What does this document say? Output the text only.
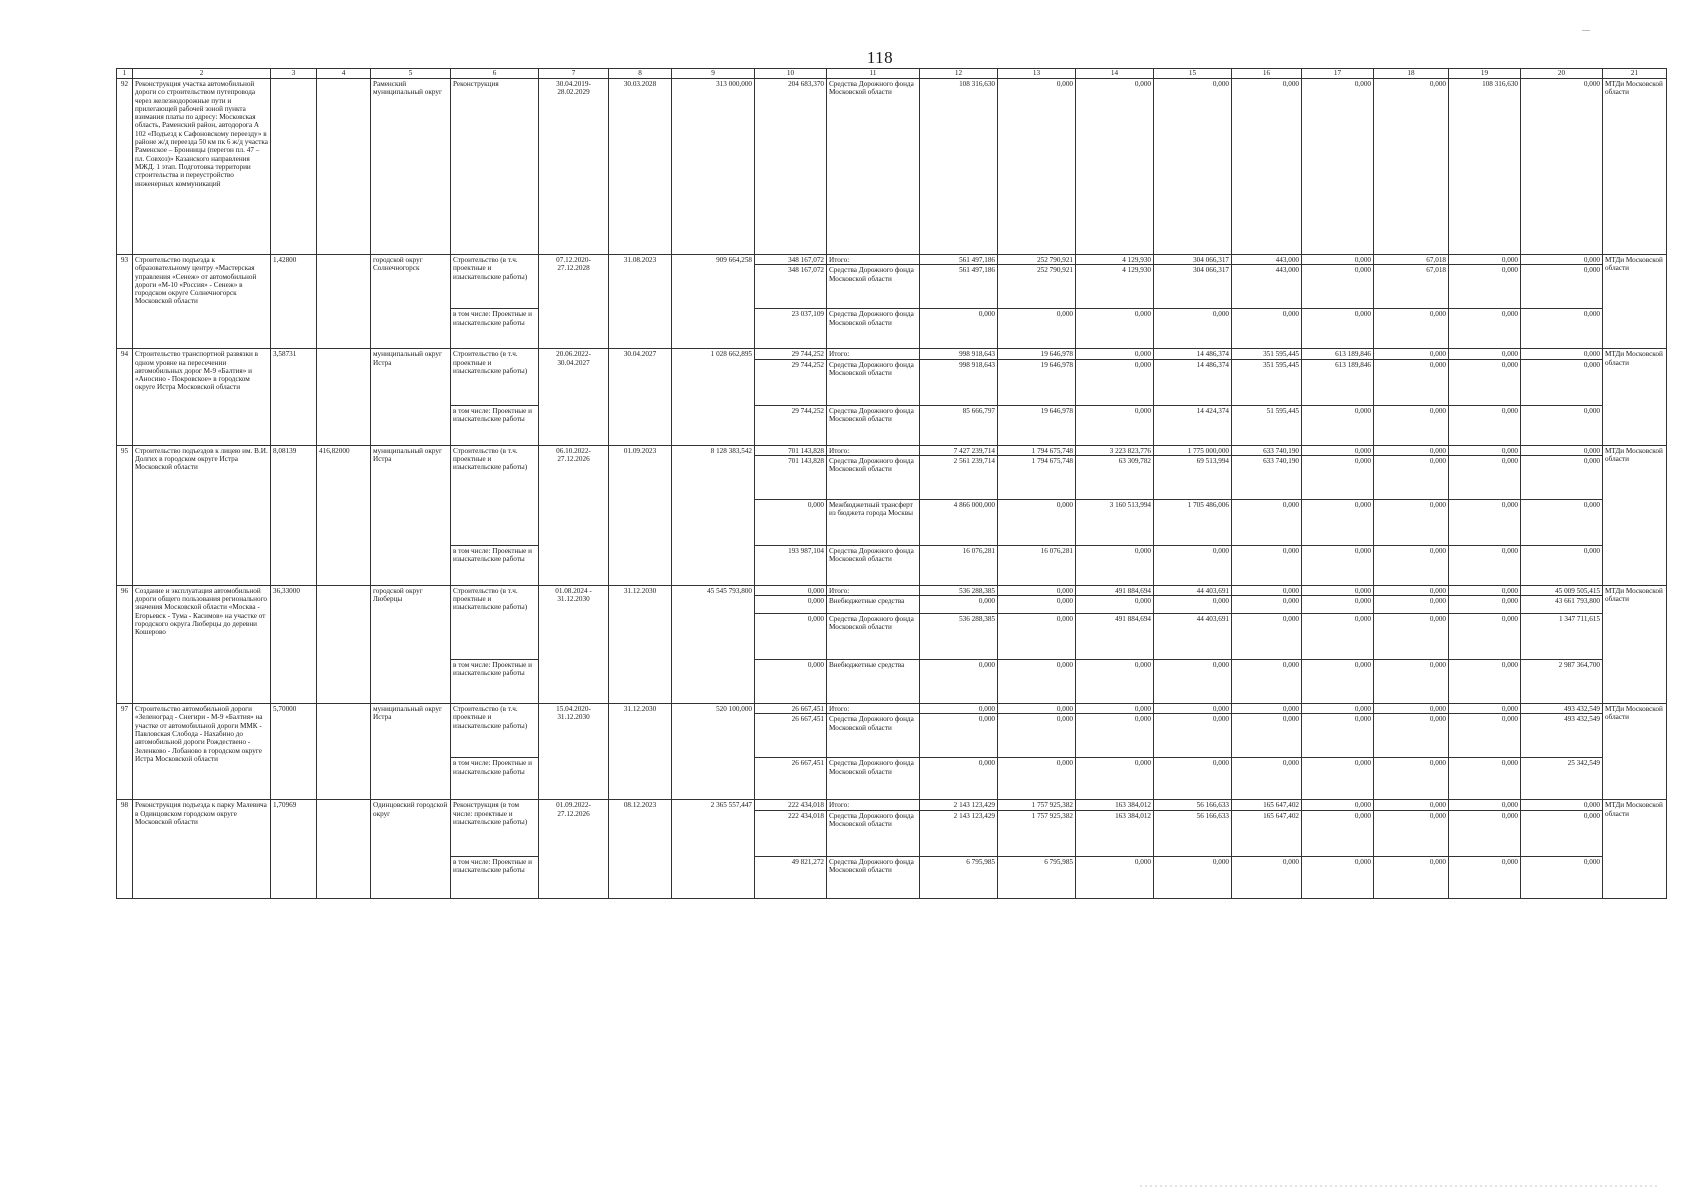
118
1	2	3	4	5	6	7	8	9	10	11	12	13	14	15	16	17	18	19	20	21
92	Реконструкция участка автомобильной дороги со строительством путепровода через железнодорожные пути и прилегающей рабочей зоной пункта взимания платы по адресу: Московская область, Раменский район, автодорога А 102 «Подъезд к Сафоновскому переезду» в районе ж/д переезда 50 км пк 6 ж/д участка Раменское – Бронницы (перегон пл. 47 – пл. Совхоз)» Казанского направления МЖД. 1 этап. Подготовка территории строительства и переустройство инженерных коммуникаций			Раменский муниципальный округ	Реконструкция	30.04.2019-28.02.2029	30.03.2028	313 000,000	204 683,370	Средства Дорожного фонда Московской области	108 316,630	0,000	0,000	0,000	0,000	0,000	0,000	108 316,630	0,000	МТДи Московской области
93	Строительство подъезда к образовательному центру «Мастерская управления «Сенеж» от автомобильной дороги «М-10 «Россия» - Сенеж» в городском округе Солнечногорск Московской области	1,42800		городской округ Солнечногорск	Строительство (в т.ч. проектные и изыскательские работы)	07.12.2020-27.12.2028	31.08.2023	909 664,258	348 167,072	Итого:	561 497,186	252 790,921	4 129,930	304 066,317	443,000	0,000	67,018	0,000	0,000	МТДи Московской области
									348 167,072	Средства Дорожного фонда Московской области	561 497,186	252 790,921	4 129,930	304 066,317	443,000	0,000	67,018	0,000	0,000	
					в том числе: Проектные и изыскательские работы				23 037,109	Средства Дорожного фонда Московской области	0,000	0,000	0,000	0,000	0,000	0,000	0,000	0,000	0,000	
94	Строительство транспортной развязки в одном уровне на пересечении автомобильных дорог М-9 «Балтия» и «Аносино - Покровское» в городском округе Истра Московской области	3,58731		муниципальный округ Истра	Строительство (в т.ч. проектные и изыскательские работы)	20.06.2022-30.04.2027	30.04.2027	1 028 662,895	29 744,252	Итого:	998 918,643	19 646,978	0,000	14 486,374	351 595,445	613 189,846	0,000	0,000	0,000	МТДи Московской области
									29 744,252	Средства Дорожного фонда Московской области	998 918,643	19 646,978	0,000	14 486,374	351 595,445	613 189,846	0,000	0,000	0,000	
					в том числе: Проектные и изыскательские работы				29 744,252	Средства Дорожного фонда Московской области	85 666,797	19 646,978	0,000	14 424,374	51 595,445	0,000	0,000	0,000	0,000	
95	Строительство подъездов к лицею им. В.И. Долгих в городском округе Истра Московской области	8,08139	416,82000	муниципальный округ Истра	Строительство (в т.ч. проектные и изыскательские работы)	06.10.2022-27.12.2026	01.09.2023	8 128 383,542	701 143,828	Итого:	7 427 239,714	1 794 675,748	3 223 823,776	1 775 000,000	633 740,190	0,000	0,000	0,000	0,000	МТДи Московской области
									701 143,828	Средства Дорожного фонда Московской области	2 561 239,714	1 794 675,748	63 309,782	69 513,994	633 740,190	0,000	0,000	0,000	0,000	
									0,000	Межбюджетный трансферт из бюджета города Москвы	4 866 000,000	0,000	3 160 513,994	1 705 486,006	0,000	0,000	0,000	0,000	0,000	
					в том числе: Проектные и изыскательские работы				193 987,104	Средства Дорожного фонда Московской области	16 076,281	16 076,281	0,000	0,000	0,000	0,000	0,000	0,000	0,000	
96	Создание и эксплуатация автомобильной дороги общего пользования регионального значения Московской области «Москва - Егорьевск - Тума - Касимов» на участке от городского округа Люберцы до деревни Кошерово	36,33000		городской округ Люберцы	Строительство (в т.ч. проектные и изыскательские работы)	01.08.2024 - 31.12.2030	31.12.2030	45 545 793,800	0,000	Итого:	536 288,385	0,000	491 884,694	44 403,691	0,000	0,000	0,000	0,000	45 009 505,415	МТДи Московской области
									0,000	Внебюджетные средства	0,000	0,000	0,000	0,000	0,000	0,000	0,000	0,000	43 661 793,800	
									0,000	Средства Дорожного фонда Московской области	536 288,385	0,000	491 884,694	44 403,691	0,000	0,000	0,000	0,000	1 347 711,615	
					в том числе: Проектные и изыскательские работы				0,000	Внебюджетные средства	0,000	0,000	0,000	0,000	0,000	0,000	0,000	0,000	2 987 364,700	
97	Строительство автомобильной дороги «Зеленоград - Снегири - М-9 «Балтия» на участке от автомобильной дороги ММК - Павловская Слобода - Нахабино до автомобильной дороги Рождествено - Зеленково - Лобаново в городском округе Истра Московской области	5,70000		муниципальный округ Истра	Строительство (в т.ч. проектные и изыскательские работы)	15.04.2020-31.12.2030	31.12.2030	520 100,000	26 667,451	Итого:	0,000	0,000	0,000	0,000	0,000	0,000	0,000	0,000	493 432,549	МТДи Московской области
									26 667,451	Средства Дорожного фонда Московской области	0,000	0,000	0,000	0,000	0,000	0,000	0,000	0,000	493 432,549	
					в том числе: Проектные и изыскательские работы				26 667,451	Средства Дорожного фонда Московской области	0,000	0,000	0,000	0,000	0,000	0,000	0,000	0,000	25 342,549	
98	Реконструкция подъезда к парку Малевича в Одинцовском городском округе Московской области	1,70969		Одинцовский городской округ	Реконструкция (в том числе: проектные и изыскательские работы)	01.09.2022-27.12.2026	08.12.2023	2 365 557,447	222 434,018	Итого:	2 143 123,429	1 757 925,382	163 384,012	56 166,633	165 647,402	0,000	0,000	0,000	0,000	МТДи Московской области
									222 434,018	Средства Дорожного фонда Московской области	2 143 123,429	1 757 925,382	163 384,012	56 166,633	165 647,402	0,000	0,000	0,000	0,000	
					в том числе: Проектные и изыскательские работы				49 821,272	Средства Дорожного фонда Московской области	6 795,985	6 795,985	0,000	0,000	0,000	0,000	0,000	0,000	0,000	
